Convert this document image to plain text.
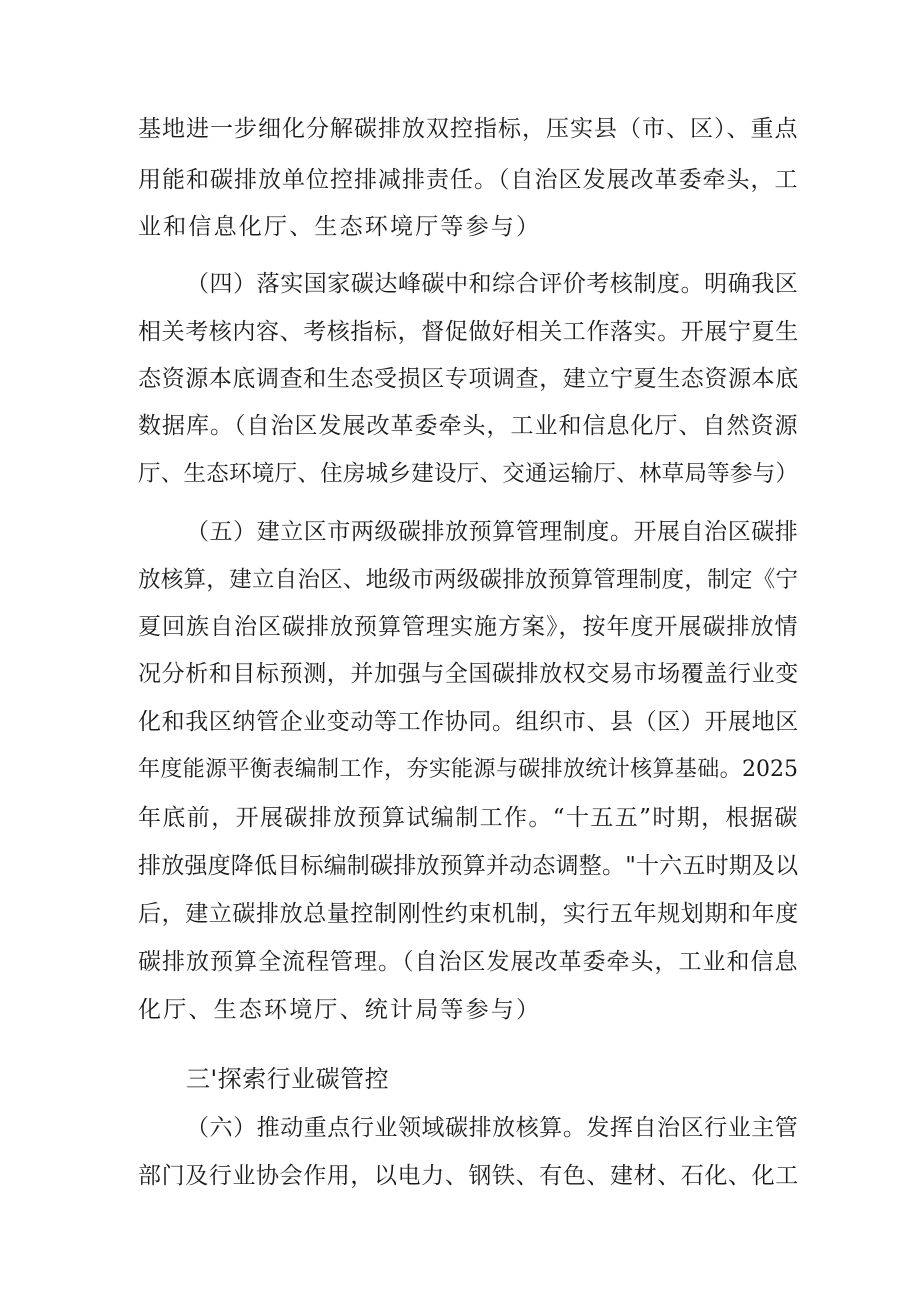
基地进一步细化分解碳排放双控指标，压实县（市、区）、重点
用能和碳排放单位控排减排责任。（自治区发展改革委牵头，工
业和信息化厅、生态环境厅等参与）
（四）落实国家碳达峰碳中和综合评价考核制度。明确我区
相关考核内容、考核指标，督促做好相关工作落实。开展宁夏生
态资源本底调查和生态受损区专项调查，建立宁夏生态资源本底
数据库。（自治区发展改革委牵头，工业和信息化厅、自然资源
厅、生态环境厅、住房城乡建设厅、交通运输厅、林草局等参与）
（五）建立区市两级碳排放预算管理制度。开展自治区碳排
放核算，建立自治区、地级市两级碳排放预算管理制度，制定《宁
夏回族自治区碳排放预算管理实施方案》，按年度开展碳排放情
况分析和目标预测，并加强与全国碳排放权交易市场覆盖行业变
化和我区纳管企业变动等工作协同。组织市、县（区）开展地区
年度能源平衡表编制工作，夯实能源与碳排放统计核算基础。2025
年底前，开展碳排放预算试编制工作。“十五五”时期，根据碳
排放强度降低目标编制碳排放预算并动态调整。"十六五时期及以
后，建立碳排放总量控制刚性约束机制，实行五年规划期和年度
碳排放预算全流程管理。（自治区发展改革委牵头，工业和信息
化厅、生态环境厅、统计局等参与）
三'探索行业碳管控
（六）推动重点行业领域碳排放核算。发挥自治区行业主管
部门及行业协会作用，以电力、钢铁、有色、建材、石化、化工
